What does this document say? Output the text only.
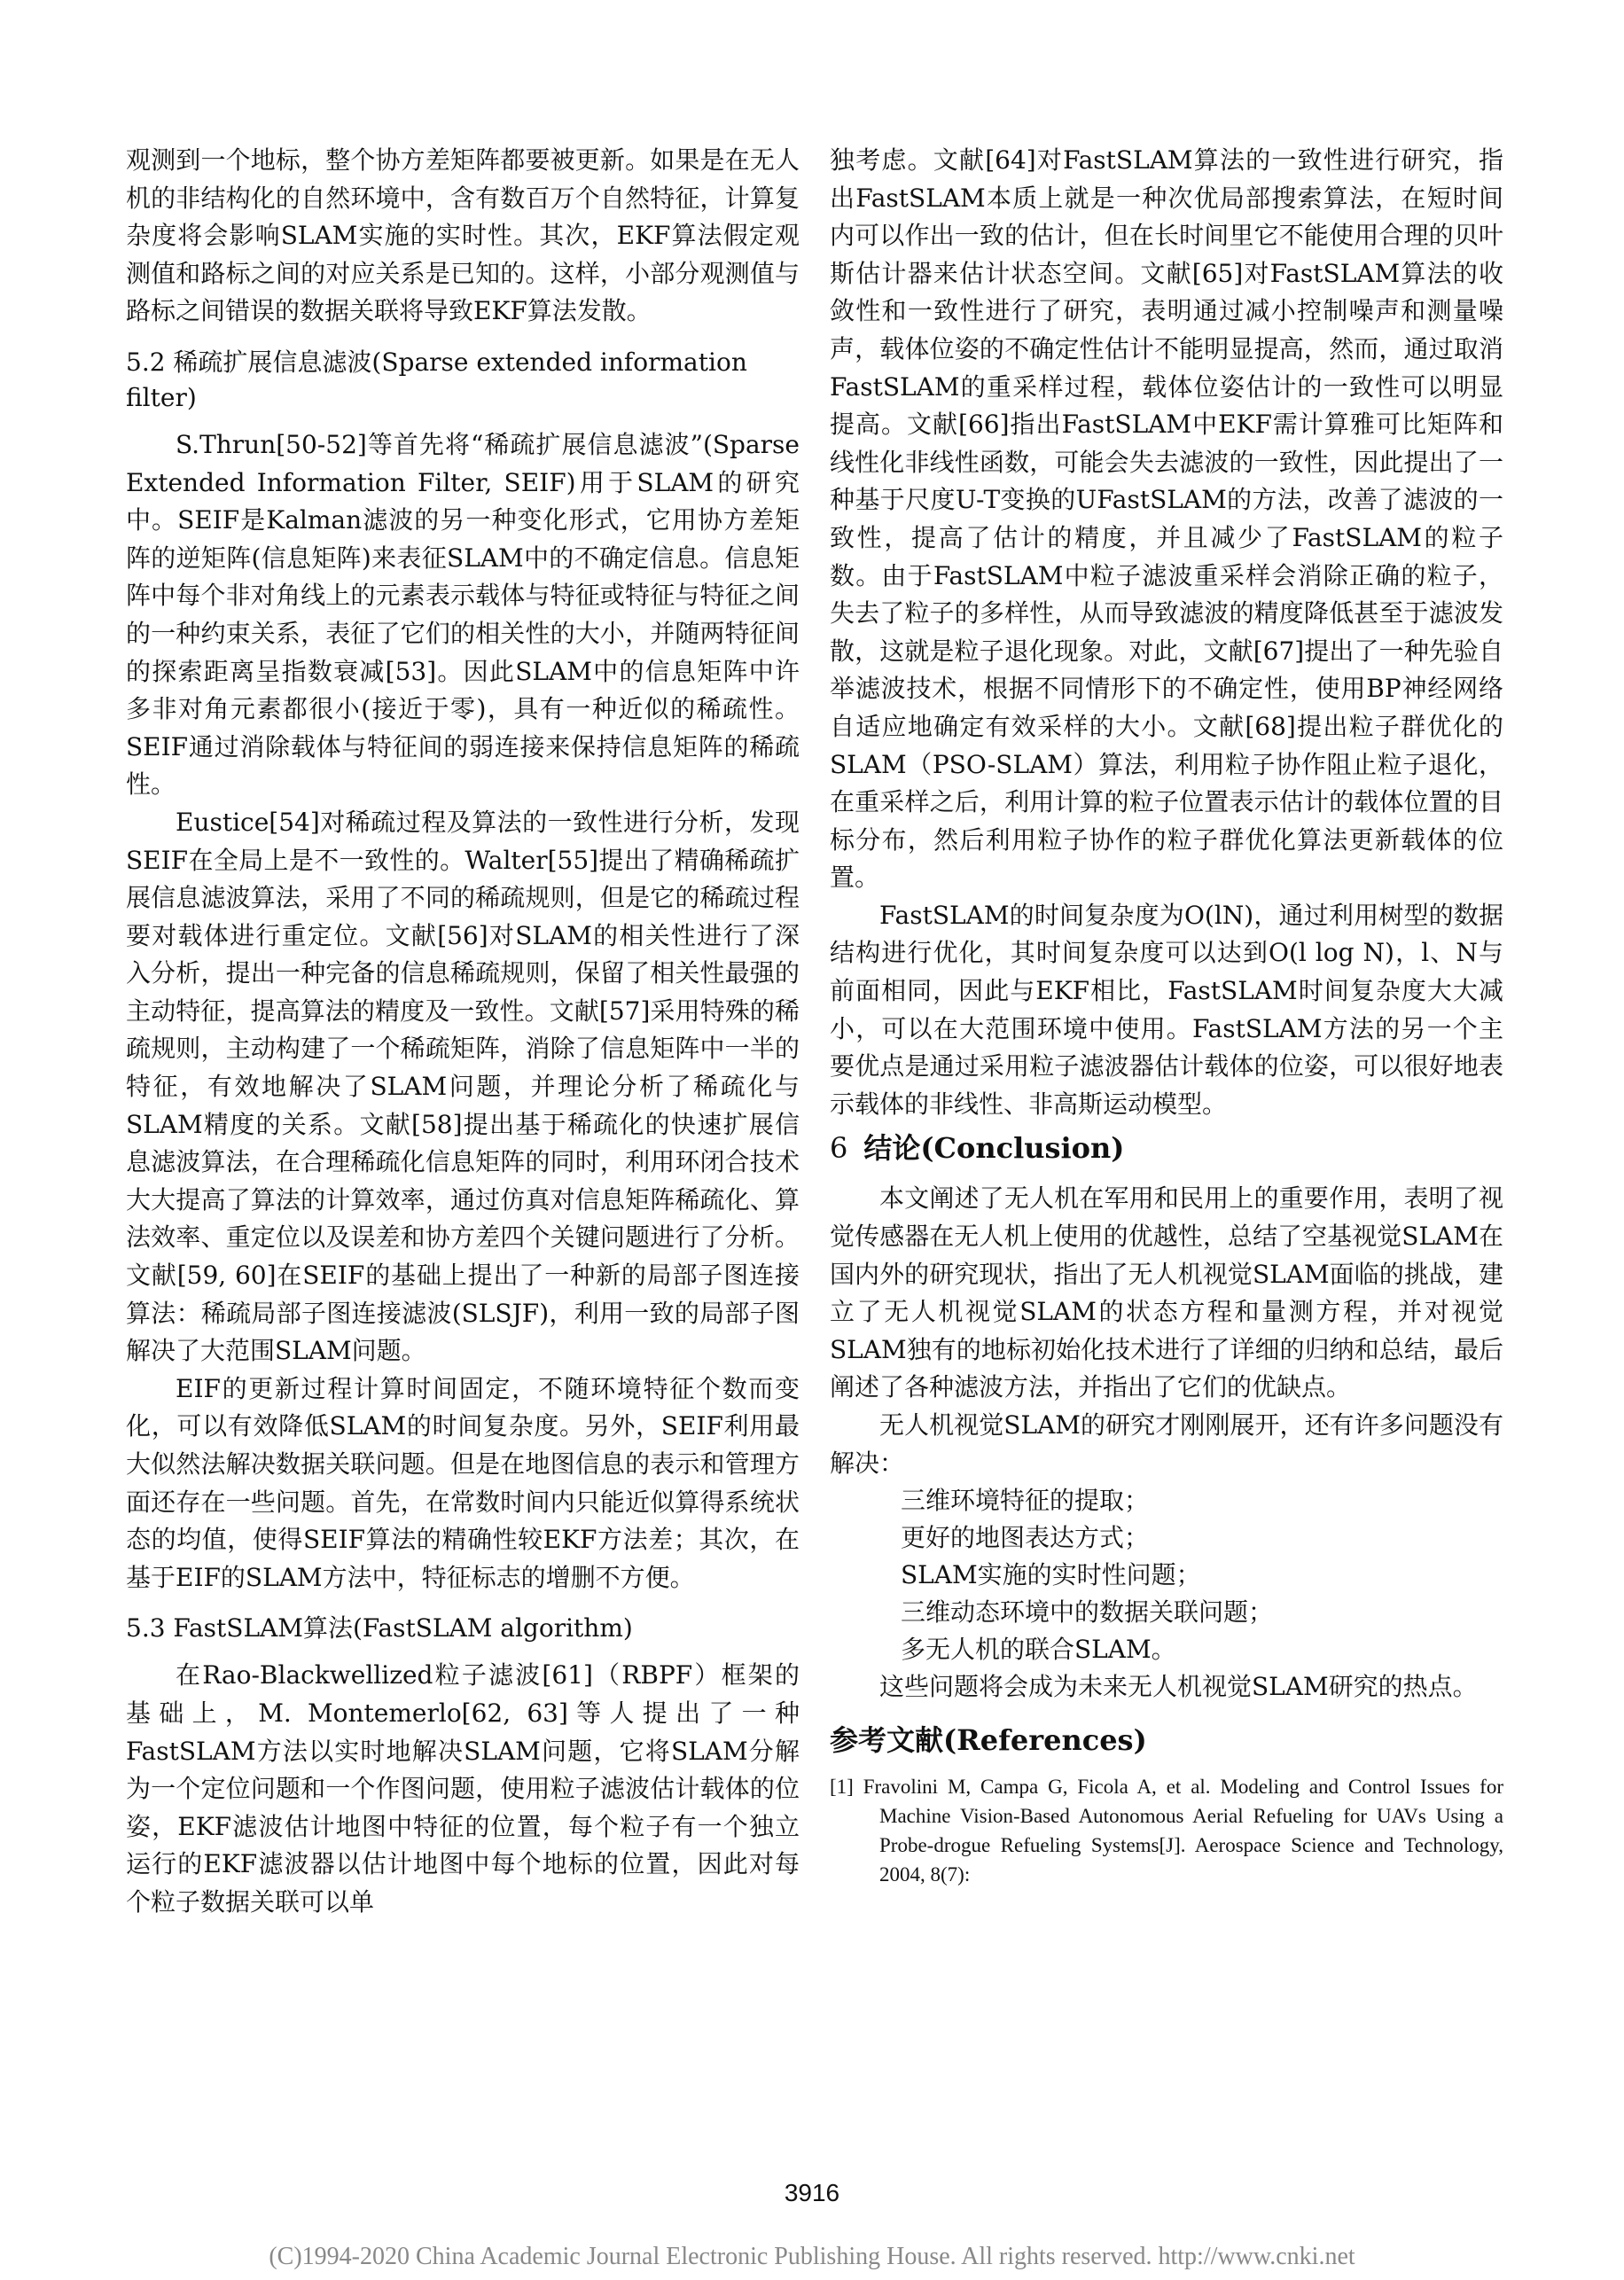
观测到一个地标，整个协方差矩阵都要被更新。如果是在无人机的非结构化的自然环境中，含有数百万个自然特征，计算复杂度将会影响SLAM实施的实时性。其次，EKF算法假定观测值和路标之间的对应关系是已知的。这样，小部分观测值与路标之间错误的数据关联将导致EKF算法发散。

5.2 稀疏扩展信息滤波(Sparse extended information filter)

S.Thrun[50-52]等首先将“稀疏扩展信息滤波”(Sparse Extended Information Filter, SEIF)用于SLAM的研究中。SEIF是Kalman滤波的另一种变化形式，它用协方差矩阵的逆矩阵(信息矩阵)来表征SLAM中的不确定信息。信息矩阵中每个非对角线上的元素表示载体与特征或特征与特征之间的一种约束关系，表征了它们的相关性的大小，并随两特征间的探索距离呈指数衰减[53]。因此SLAM中的信息矩阵中许多非对角元素都很小(接近于零)，具有一种近似的稀疏性。SEIF通过消除载体与特征间的弱连接来保持信息矩阵的稀疏性。

Eustice[54]对稀疏过程及算法的一致性进行分析，发现SEIF在全局上是不一致性的。Walter[55]提出了精确稀疏扩展信息滤波算法，采用了不同的稀疏规则，但是它的稀疏过程要对载体进行重定位。文献[56]对SLAM的相关性进行了深入分析，提出一种完备的信息稀疏规则，保留了相关性最强的主动特征，提高算法的精度及一致性。文献[57]采用特殊的稀疏规则，主动构建了一个稀疏矩阵，消除了信息矩阵中一半的特征，有效地解决了SLAM问题，并理论分析了稀疏化与SLAM精度的关系。文献[58]提出基于稀疏化的快速扩展信息滤波算法，在合理稀疏化信息矩阵的同时，利用环闭合技术大大提高了算法的计算效率，通过仿真对信息矩阵稀疏化、算法效率、重定位以及误差和协方差四个关键问题进行了分析。文献[59, 60]在SEIF的基础上提出了一种新的局部子图连接算法：稀疏局部子图连接滤波(SLSJF)，利用一致的局部子图解决了大范围SLAM问题。

EIF的更新过程计算时间固定，不随环境特征个数而变化，可以有效降低SLAM的时间复杂度。另外，SEIF利用最大似然法解决数据关联问题。但是在地图信息的表示和管理方面还存在一些问题。首先，在常数时间内只能近似算得系统状态的均值，使得SEIF算法的精确性较EKF方法差；其次，在基于EIF的SLAM方法中，特征标志的增删不方便。

5.3 FastSLAM算法(FastSLAM algorithm)

在Rao-Blackwellized粒子滤波[61]（RBPF）框架的基础上，M. Montemerlo[62, 63]等人提出了一种FastSLAM方法以实时地解决SLAM问题，它将SLAM分解为一个定位问题和一个作图问题，使用粒子滤波估计载体的位姿，EKF滤波估计地图中特征的位置，每个粒子有一个独立运行的EKF滤波器以估计地图中每个地标的位置，因此对每个粒子数据关联可以单

独考虑。文献[64]对FastSLAM算法的一致性进行研究，指出FastSLAM本质上就是一种次优局部搜索算法，在短时间内可以作出一致的估计，但在长时间里它不能使用合理的贝叶斯估计器来估计状态空间。文献[65]对FastSLAM算法的收敛性和一致性进行了研究，表明通过减小控制噪声和测量噪声，载体位姿的不确定性估计不能明显提高，然而，通过取消FastSLAM的重采样过程，载体位姿估计的一致性可以明显提高。文献[66]指出FastSLAM中EKF需计算雅可比矩阵和线性化非线性函数，可能会失去滤波的一致性，因此提出了一种基于尺度U-T变换的UFastSLAM的方法，改善了滤波的一致性，提高了估计的精度，并且减少了FastSLAM的粒子数。由于FastSLAM中粒子滤波重采样会消除正确的粒子，失去了粒子的多样性，从而导致滤波的精度降低甚至于滤波发散，这就是粒子退化现象。对此，文献[67]提出了一种先验自举滤波技术，根据不同情形下的不确定性，使用BP神经网络自适应地确定有效采样的大小。文献[68]提出粒子群优化的SLAM（PSO-SLAM）算法，利用粒子协作阻止粒子退化，在重采样之后，利用计算的粒子位置表示估计的载体位置的目标分布，然后利用粒子协作的粒子群优化算法更新载体的位置。

FastSLAM的时间复杂度为O(lN)，通过利用树型的数据结构进行优化，其时间复杂度可以达到O(l log N)，l、N与前面相同，因此与EKF相比，FastSLAM时间复杂度大大减小，可以在大范围环境中使用。FastSLAM方法的另一个主要优点是通过采用粒子滤波器估计载体的位姿，可以很好地表示载体的非线性、非高斯运动模型。

6 结论(Conclusion)

本文阐述了无人机在军用和民用上的重要作用，表明了视觉传感器在无人机上使用的优越性，总结了空基视觉SLAM在国内外的研究现状，指出了无人机视觉SLAM面临的挑战，建立了无人机视觉SLAM的状态方程和量测方程，并对视觉SLAM独有的地标初始化技术进行了详细的归纳和总结，最后阐述了各种滤波方法，并指出了它们的优缺点。

无人机视觉SLAM的研究才刚刚展开，还有许多问题没有解决：

三维环境特征的提取；
更好的地图表达方式；
SLAM实施的实时性问题；
三维动态环境中的数据关联问题；
多无人机的联合SLAM。

这些问题将会成为未来无人机视觉SLAM研究的热点。

参考文献(References)

[1] Fravolini M, Campa G, Ficola A, et al. Modeling and Control Issues for Machine Vision-Based Autonomous Aerial Refueling for UAVs Using a Probe-drogue Refueling Systems[J]. Aerospace Science and Technology, 2004, 8(7):

3916
(C)1994-2020 China Academic Journal Electronic Publishing House. All rights reserved. http://www.cnki.net
